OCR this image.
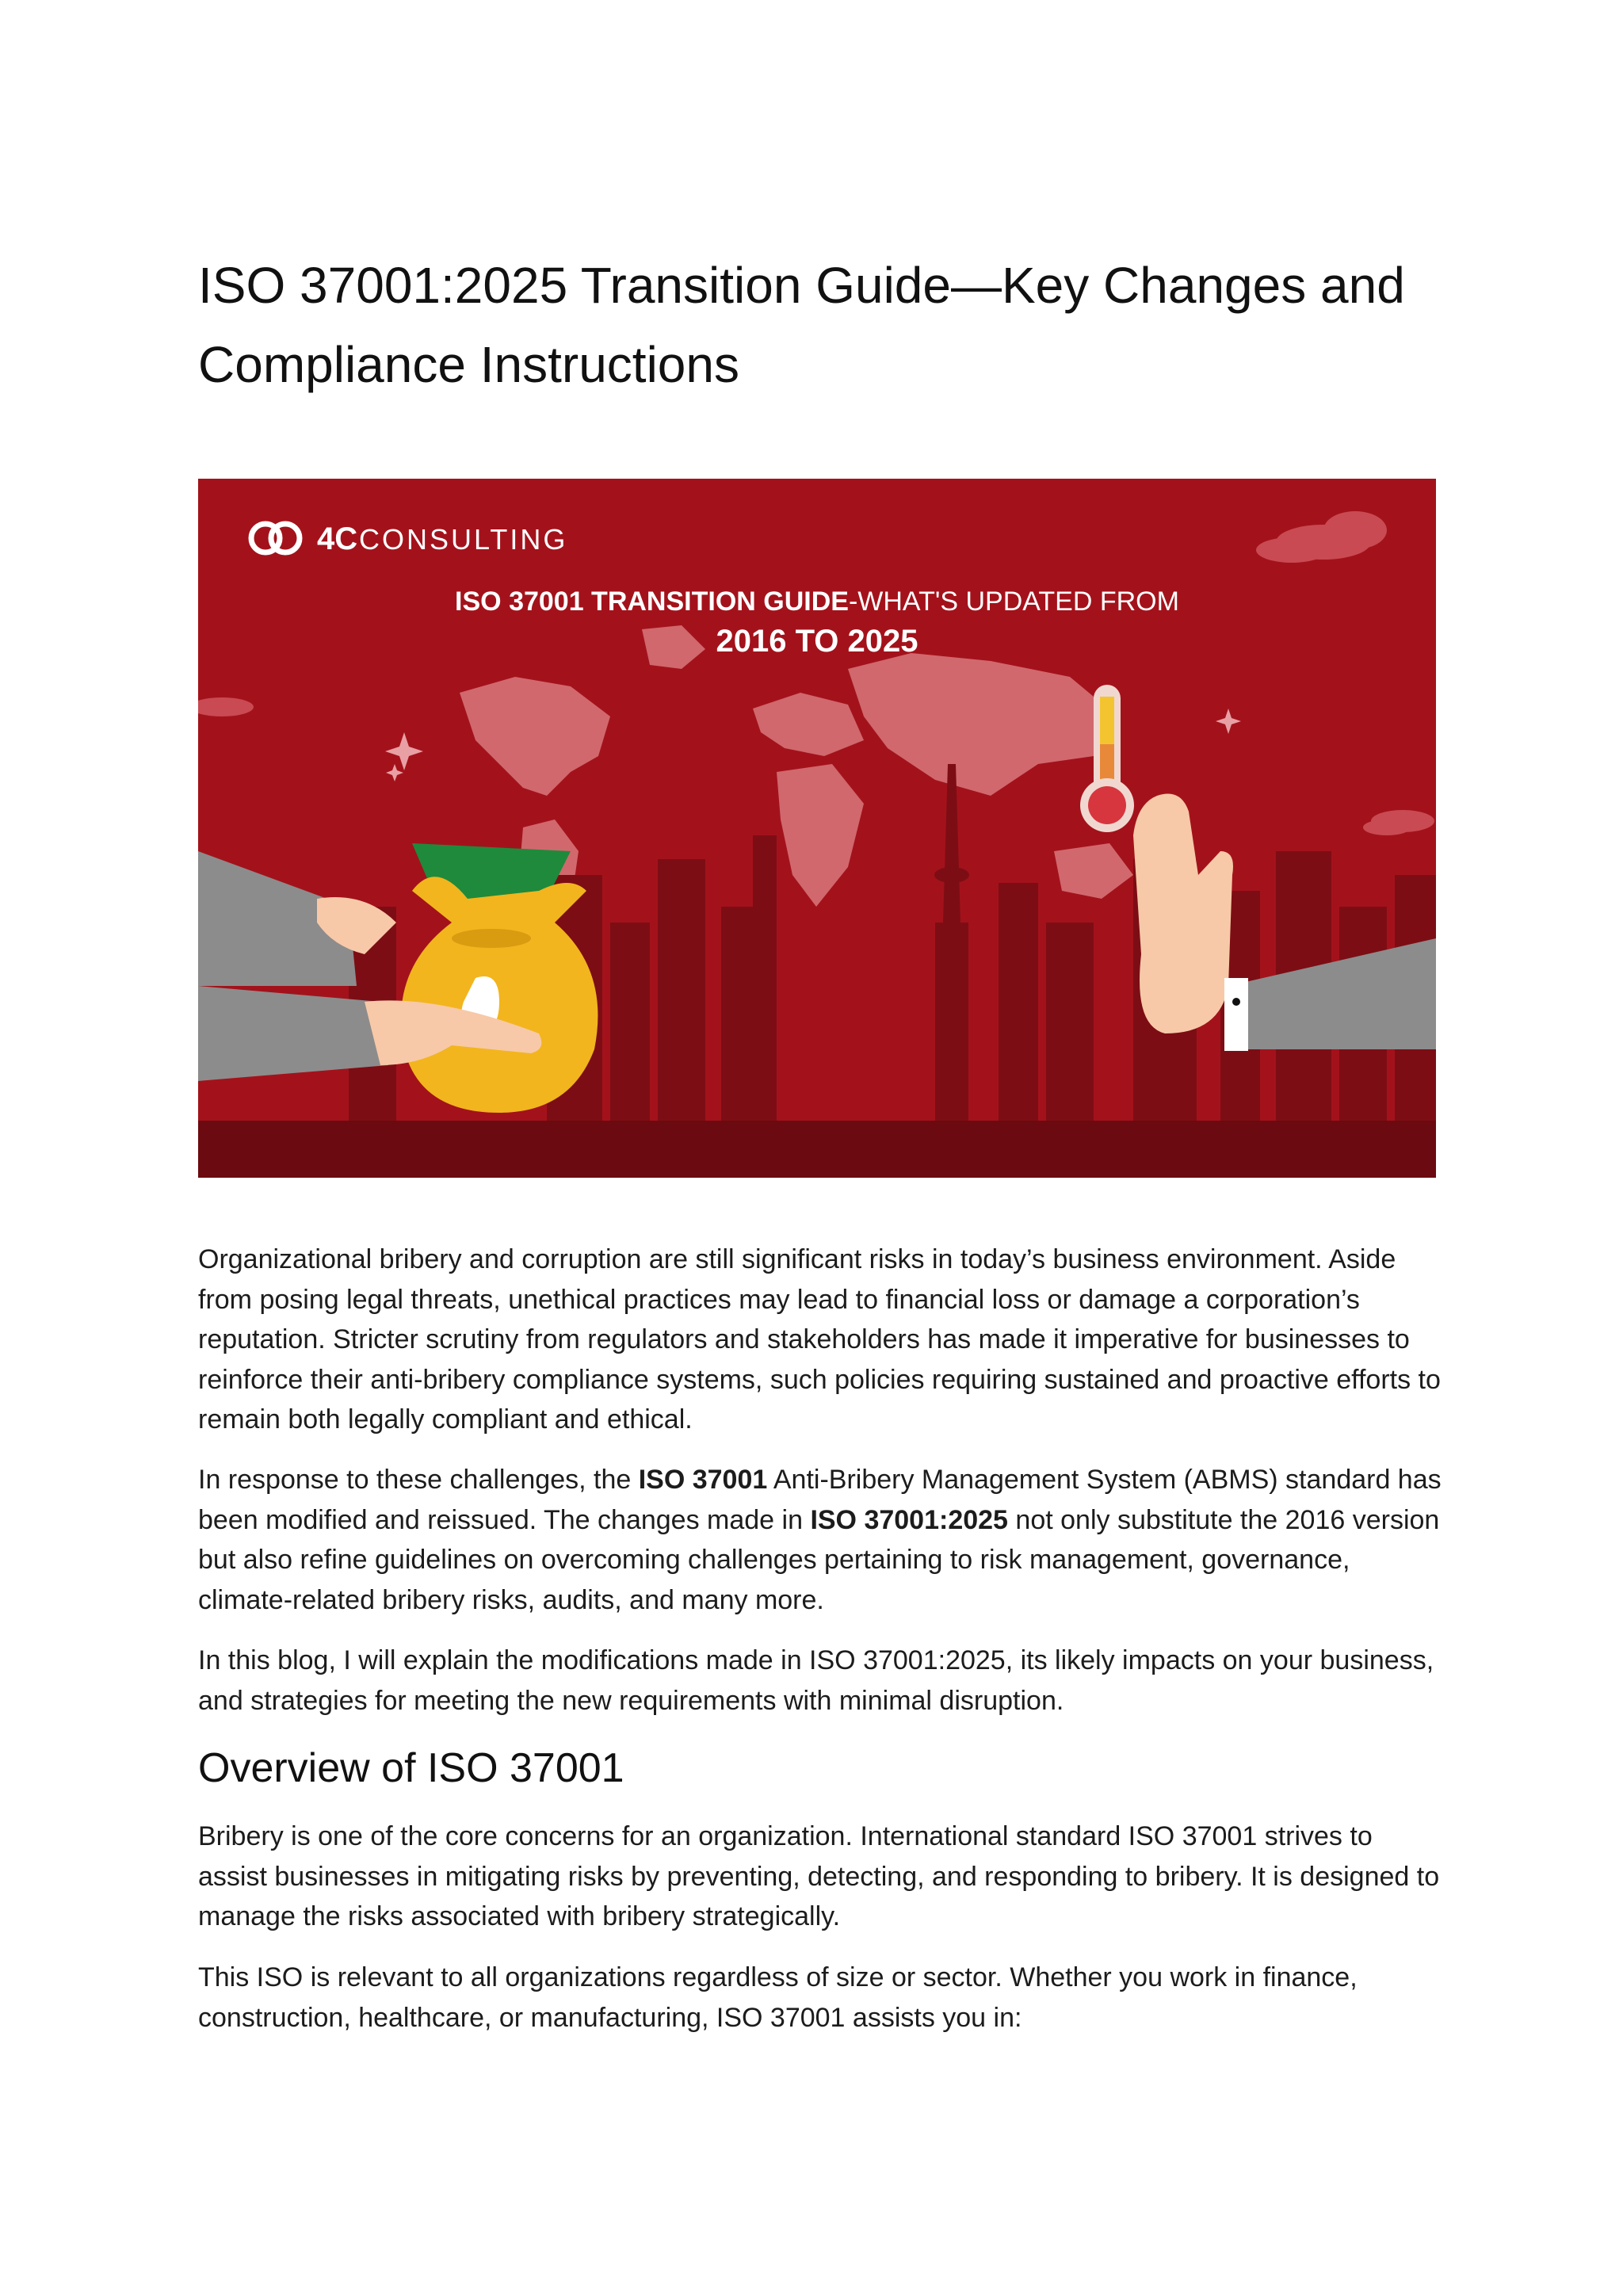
ISO 37001:2025 Transition Guide—Key Changes and
Compliance Instructions
4C CONSULTING
ISO 37001 TRANSITION GUIDE-WHAT'S UPDATED FROM
2016 TO 2025

Organizational bribery and corruption are still significant risks in today’s business environment. Aside from posing legal threats, unethical practices may lead to financial loss or damage a corporation’s reputation. Stricter scrutiny from regulators and stakeholders has made it imperative for businesses to reinforce their anti-bribery compliance systems, such policies requiring sustained and proactive efforts to remain both legally compliant and ethical.

In response to these challenges, the ISO 37001 Anti-Bribery Management System (ABMS) standard has been modified and reissued. The changes made in ISO 37001:2025 not only substitute the 2016 version but also refine guidelines on overcoming challenges pertaining to risk management, governance, climate-related bribery risks, audits, and many more.

In this blog, I will explain the modifications made in ISO 37001:2025, its likely impacts on your business, and strategies for meeting the new requirements with minimal disruption.

Overview of ISO 37001

Bribery is one of the core concerns for an organization. International standard ISO 37001 strives to assist businesses in mitigating risks by preventing, detecting, and responding to bribery. It is designed to manage the risks associated with bribery strategically.

This ISO is relevant to all organizations regardless of size or sector. Whether you work in finance, construction, healthcare, or manufacturing, ISO 37001 assists you in:
